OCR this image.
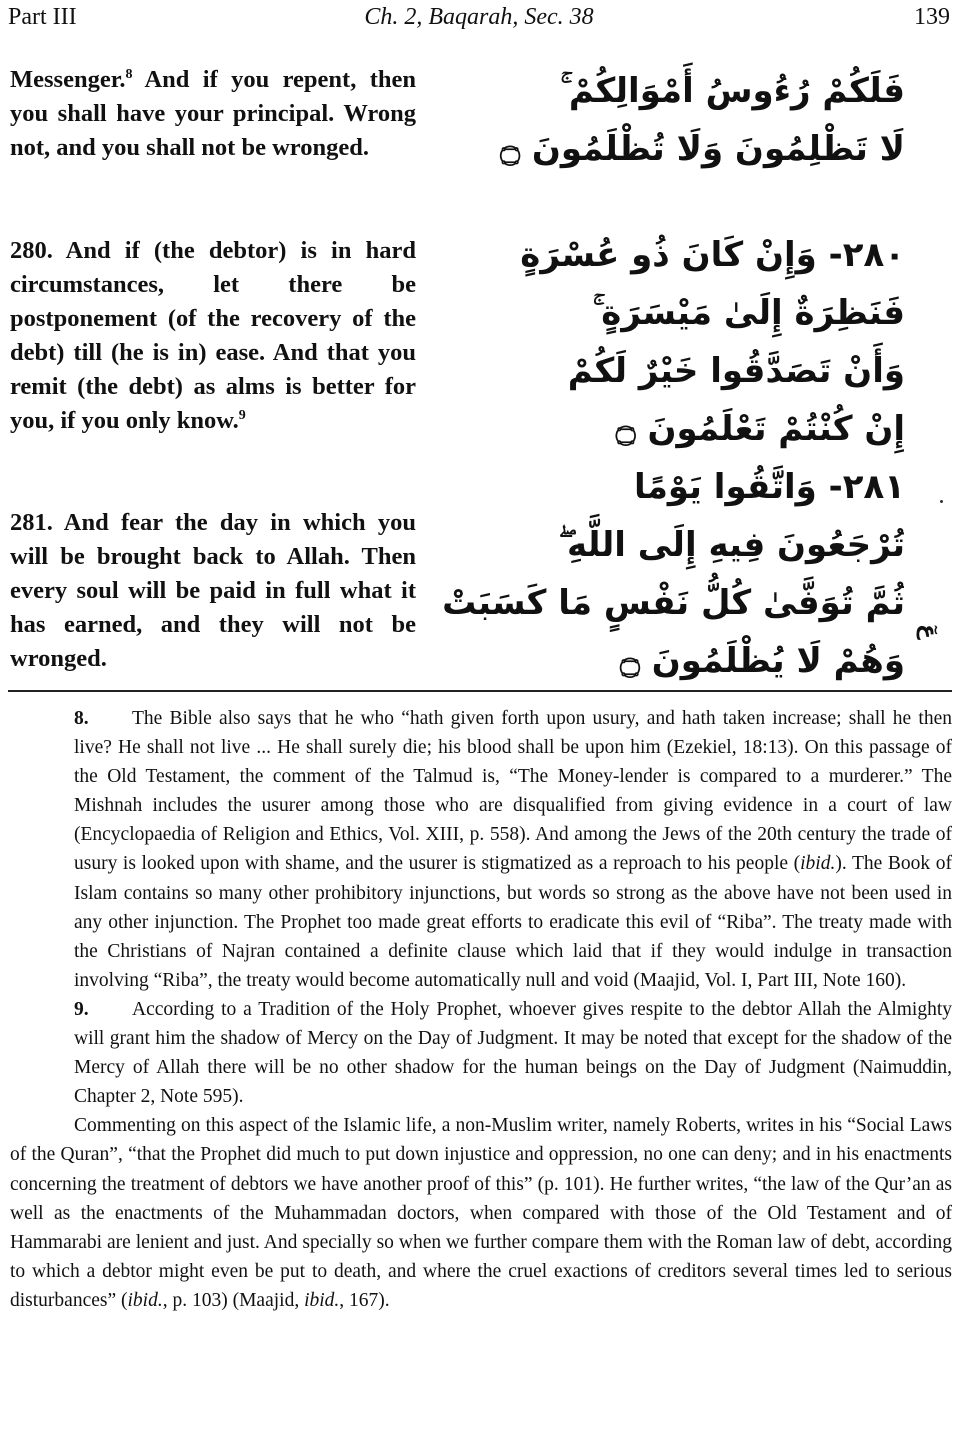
Part III	Ch. 2, Baqarah, Sec. 38	139
Messenger.$^8$ And if you repent, then you shall have your principal. Wrong not, and you shall not be wronged.
280. And if (the debtor) is in hard circumstances, let there be postponement (of the recovery of the debt) till (he is in) ease. And that you remit (the debt) as alms is better for you, if you only know.$^9$
281. And fear the day in which you will be brought back to Allah. Then every soul will be paid in full what it has earned, and they will not be wronged.
فَلَكُمْ رُءُوسُ أَمْوَالِكُمْ ۚ
لَا تَظْلِمُونَ وَلَا تُظْلَمُونَ ۝
٢٨٠- وَإِنْ كَانَ ذُو عُسْرَةٍ
فَنَظِرَةٌ إِلَىٰ مَيْسَرَةٍ ۚ
وَأَنْ تَصَدَّقُوا خَيْرٌ لَكُمْ
إِنْ كُنْتُمْ تَعْلَمُونَ ۝
٢٨١- وَاتَّقُوا يَوْمًا
تُرْجَعُونَ فِيهِ إِلَى اللَّهِ ۖ
ثُمَّ تُوَفَّىٰ كُلُّ نَفْسٍ مَا كَسَبَتْ
وَهُمْ لَا يُظْلَمُونَ ۝
عٓ

8. The Bible also says that he who “hath given forth upon usury, and hath taken increase; shall he then live? He shall not live ... He shall surely die; his blood shall be upon him (Ezekiel, 18:13). On this passage of the Old Testament, the comment of the Talmud is, “The Money-lender is compared to a murderer.” The Mishnah includes the usurer among those who are disqualified from giving evidence in a court of law (Encyclopaedia of Religion and Ethics, Vol. XIII, p. 558). And among the Jews of the 20th century the trade of usury is looked upon with shame, and the usurer is stigmatized as a reproach to his people (ibid.). The Book of Islam contains so many other prohibitory injunctions, but words so strong as the above have not been used in any other injunction. The Prophet too made great efforts to eradicate this evil of “Riba”. The treaty made with the Christians of Najran contained a definite clause which laid that if they would indulge in transaction involving “Riba”, the treaty would become automatically null and void (Maajid, Vol. I, Part III, Note 160).

9. According to a Tradition of the Holy Prophet, whoever gives respite to the debtor Allah the Almighty will grant him the shadow of Mercy on the Day of Judgment. It may be noted that except for the shadow of the Mercy of Allah there will be no other shadow for the human beings on the Day of Judgment (Naimuddin, Chapter 2, Note 595).

Commenting on this aspect of the Islamic life, a non-Muslim writer, namely Roberts, writes in his “Social Laws of the Quran”, “that the Prophet did much to put down injustice and oppression, no one can deny; and in his enactments concerning the treatment of debtors we have another proof of this” (p. 101). He further writes, “the law of the Qur’an as well as the enactments of the Muhammadan doctors, when compared with those of the Old Testament and of Hammarabi are lenient and just. And specially so when we further compare them with the Roman law of debt, according to which a debtor might even be put to death, and where the cruel exactions of creditors several times led to serious disturbances” (ibid., p. 103) (Maajid, ibid., 167).
